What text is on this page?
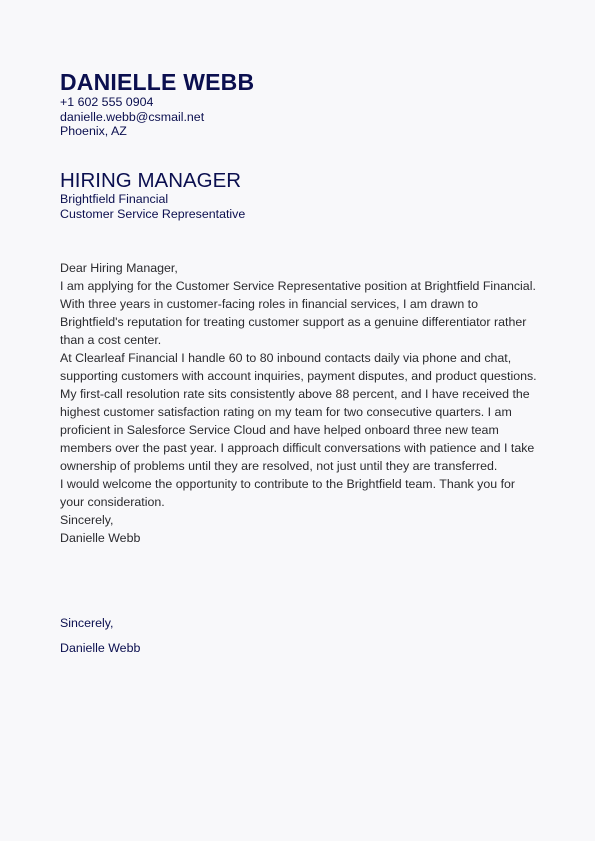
DANIELLE WEBB
+1 602 555 0904
danielle.webb@csmail.net
Phoenix, AZ
HIRING MANAGER
Brightfield Financial
Customer Service Representative

Dear Hiring Manager,

I am applying for the Customer Service Representative position at Brightfield Financial. With three years in customer-facing roles in financial services, I am drawn to Brightfield's reputation for treating customer support as a genuine differentiator rather than a cost center.

At Clearleaf Financial I handle 60 to 80 inbound contacts daily via phone and chat, supporting customers with account inquiries, payment disputes, and product questions. My first-call resolution rate sits consistently above 88 percent, and I have received the highest customer satisfaction rating on my team for two consecutive quarters. I am proficient in Salesforce Service Cloud and have helped onboard three new team members over the past year. I approach difficult conversations with patience and I take ownership of problems until they are resolved, not just until they are transferred.

I would welcome the opportunity to contribute to the Brightfield team. Thank you for your consideration.

Sincerely,

Danielle Webb

Sincerely,
Danielle Webb
